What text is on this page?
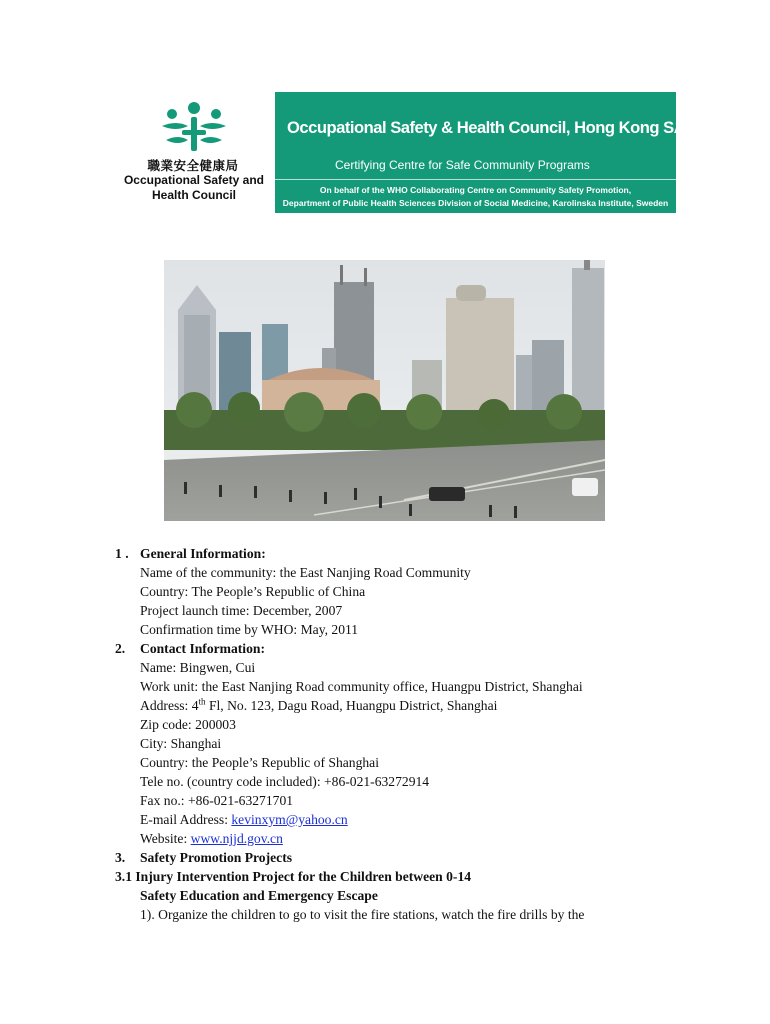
職業安全健康局
Occupational Safety and
Health Council
Occupational Safety & Health Council, Hong Kong SAR, China
Certifying Centre for Safe Community Programs
On behalf of the WHO Collaborating Centre on Community Safety Promotion,
Department of Public Health Sciences Division of Social Medicine, Karolinska Institute, Sweden
1 . General Information:
Name of the community: the East Nanjing Road Community
Country: The People’s Republic of China
Project launch time: December, 2007
Confirmation time by WHO: May, 2011
2. Contact Information:
Name: Bingwen, Cui
Work unit: the East Nanjing Road community office, Huangpu District, Shanghai
Address: 4th Fl, No. 123, Dagu Road, Huangpu District, Shanghai
Zip code: 200003
City: Shanghai
Country: the People’s Republic of Shanghai
Tele no. (country code included): +86-021-63272914
Fax no.: +86-021-63271701
E-mail Address: kevinxym@yahoo.cn
Website: www.njjd.gov.cn
3. Safety Promotion Projects
3.1 Injury Intervention Project for the Children between 0-14
Safety Education and Emergency Escape
1). Organize the children to go to visit the fire stations, watch the fire drills by the
